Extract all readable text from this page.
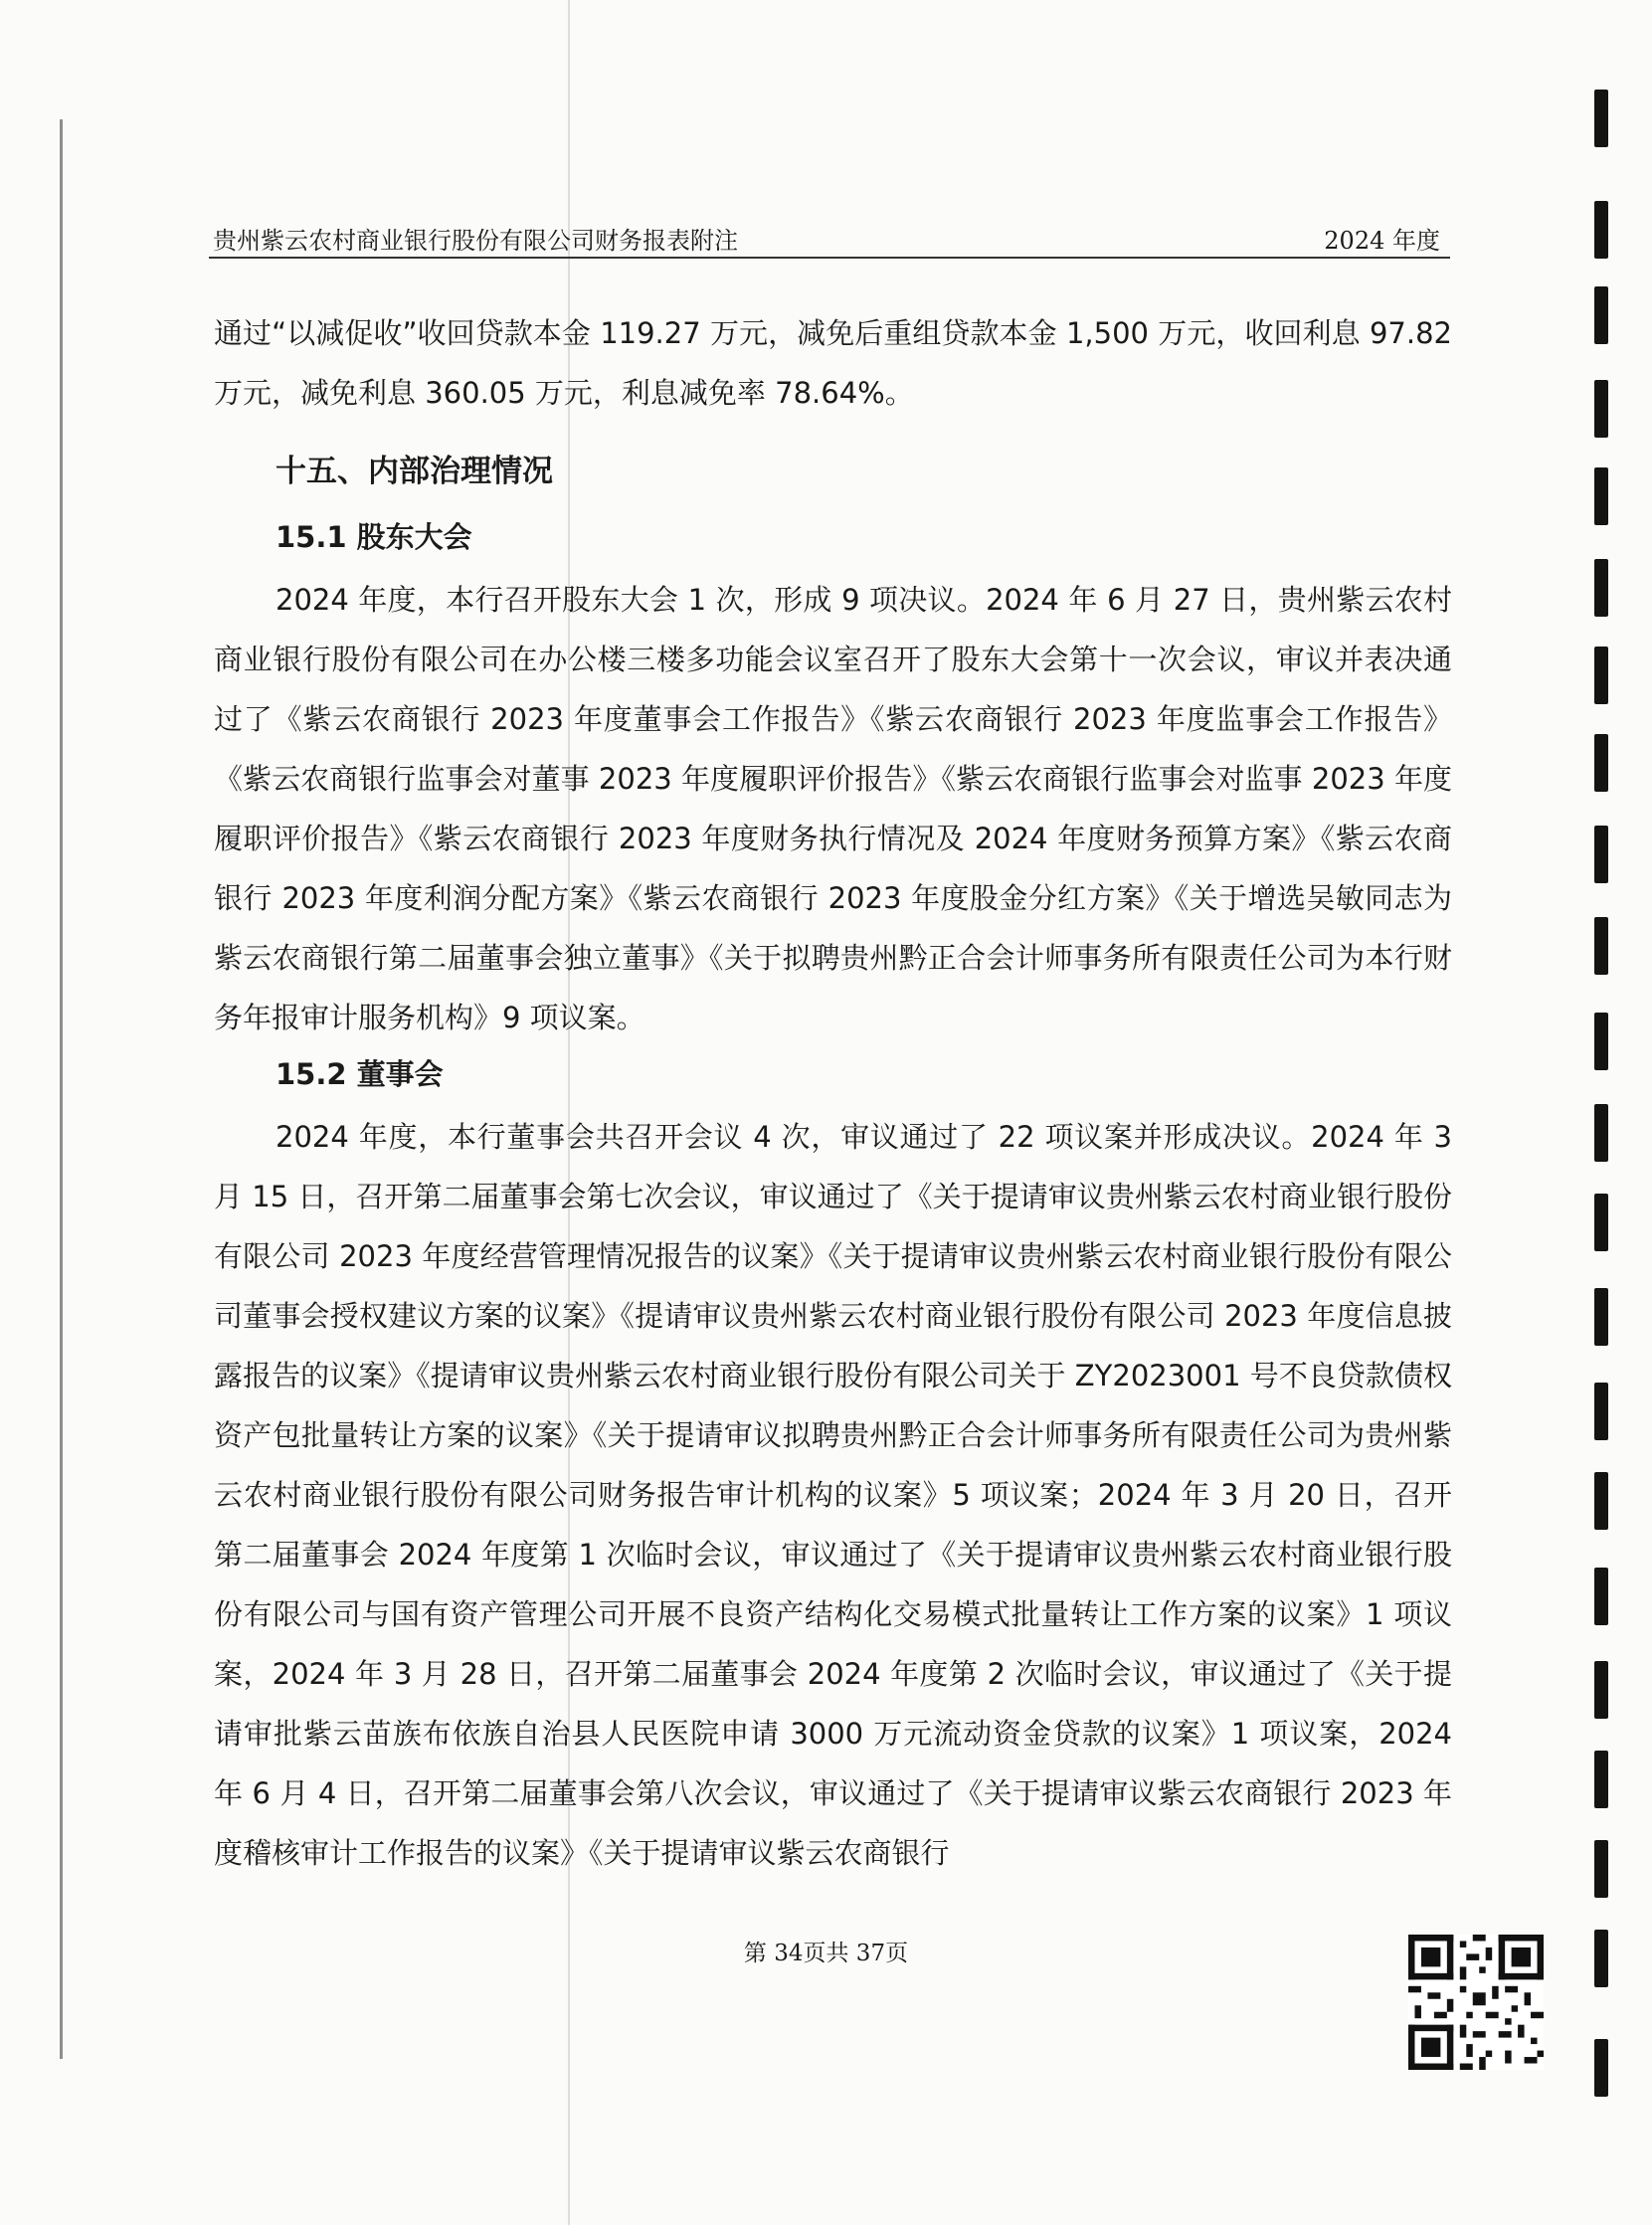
贵州紫云农村商业银行股份有限公司财务报表附注	2024 年度

通过“以减促收”收回贷款本金 119.27 万元，减免后重组贷款本金 1,500 万元，收回利息 97.82 万元，减免利息 360.05 万元，利息减免率 78.64%。

十五、内部治理情况
15.1 股东大会

2024 年度，本行召开股东大会 1 次，形成 9 项决议。2024 年 6 月 27 日，贵州紫云农村商业银行股份有限公司在办公楼三楼多功能会议室召开了股东大会第十一次会议，审议并表决通过了《紫云农商银行 2023 年度董事会工作报告》《紫云农商银行 2023 年度监事会工作报告》《紫云农商银行监事会对董事 2023 年度履职评价报告》《紫云农商银行监事会对监事 2023 年度履职评价报告》《紫云农商银行 2023 年度财务执行情况及 2024 年度财务预算方案》《紫云农商银行 2023 年度利润分配方案》《紫云农商银行 2023 年度股金分红方案》《关于增选吴敏同志为紫云农商银行第二届董事会独立董事》《关于拟聘贵州黔正合会计师事务所有限责任公司为本行财务年报审计服务机构》9 项议案。

15.2 董事会

2024 年度，本行董事会共召开会议 4 次，审议通过了 22 项议案并形成决议。2024 年 3 月 15 日，召开第二届董事会第七次会议，审议通过了《关于提请审议贵州紫云农村商业银行股份有限公司 2023 年度经营管理情况报告的议案》《关于提请审议贵州紫云农村商业银行股份有限公司董事会授权建议方案的议案》《提请审议贵州紫云农村商业银行股份有限公司 2023 年度信息披露报告的议案》《提请审议贵州紫云农村商业银行股份有限公司关于 ZY2023001 号不良贷款债权资产包批量转让方案的议案》《关于提请审议拟聘贵州黔正合会计师事务所有限责任公司为贵州紫云农村商业银行股份有限公司财务报告审计机构的议案》5 项议案；2024 年 3 月 20 日，召开第二届董事会 2024 年度第 1 次临时会议，审议通过了《关于提请审议贵州紫云农村商业银行股份有限公司与国有资产管理公司开展不良资产结构化交易模式批量转让工作方案的议案》1 项议案，2024 年 3 月 28 日，召开第二届董事会 2024 年度第 2 次临时会议，审议通过了《关于提请审批紫云苗族布依族自治县人民医院申请 3000 万元流动资金贷款的议案》1 项议案，2024 年 6 月 4 日，召开第二届董事会第八次会议，审议通过了《关于提请审议紫云农商银行 2023 年度稽核审计工作报告的议案》《关于提请审议紫云农商银行

第 34页共 37页
